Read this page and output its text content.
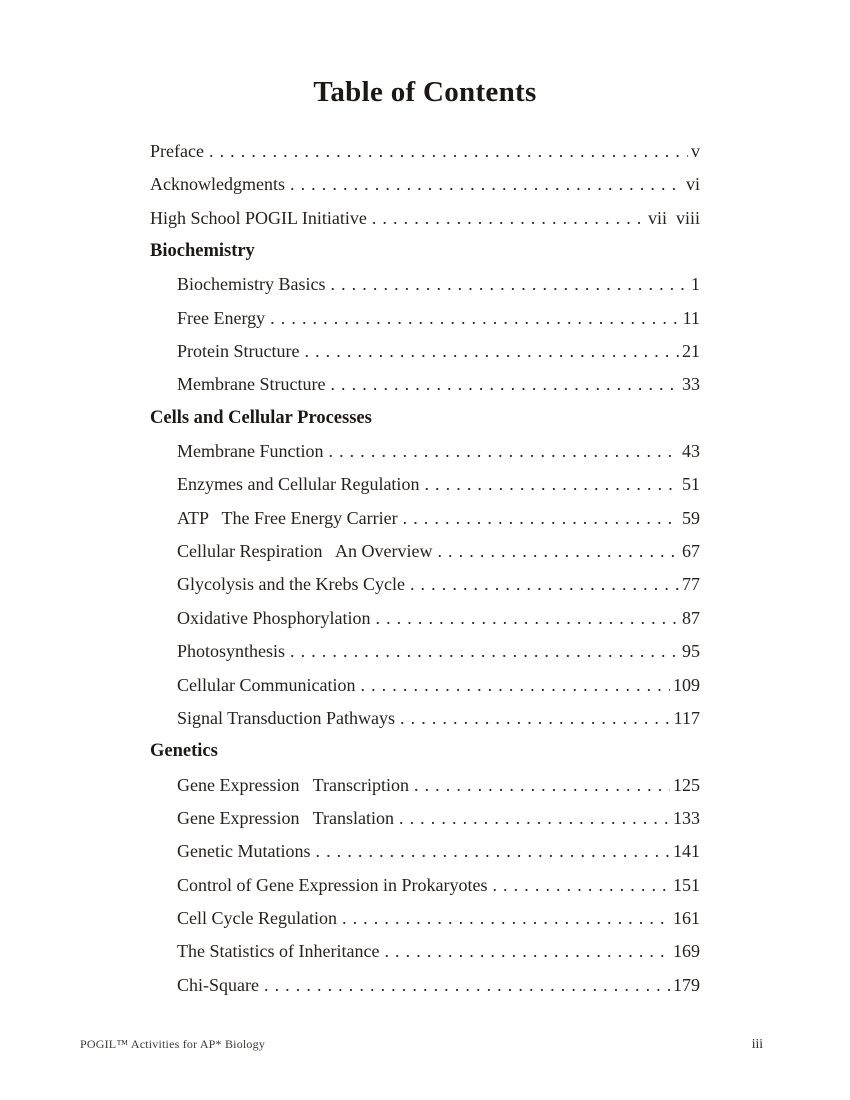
Table of Contents
Preface . . .	v
Acknowledgments . . .	vi
High School POGIL Initiative . . .	vii  viii
Biochemistry
Biochemistry Basics . . .	1
Free Energy . . .	11
Protein Structure . . .	21
Membrane Structure . . .	33
Cells and Cellular Processes
Membrane Function . . .	43
Enzymes and Cellular Regulation . . .	51
ATP   The Free Energy Carrier . . .	59
Cellular Respiration   An Overview . . .	67
Glycolysis and the Krebs Cycle . . .	77
Oxidative Phosphorylation . . .	87
Photosynthesis . . .	95
Cellular Communication . . .	109
Signal Transduction Pathways . . .	117
Genetics
Gene Expression   Transcription . . .	125
Gene Expression   Translation . . .	133
Genetic Mutations . . .	141
Control of Gene Expression in Prokaryotes . . .	151
Cell Cycle Regulation . . .	161
The Statistics of Inheritance . . .	169
Chi-Square . . .	179
POGIL™ Activities for AP* Biology	iii
